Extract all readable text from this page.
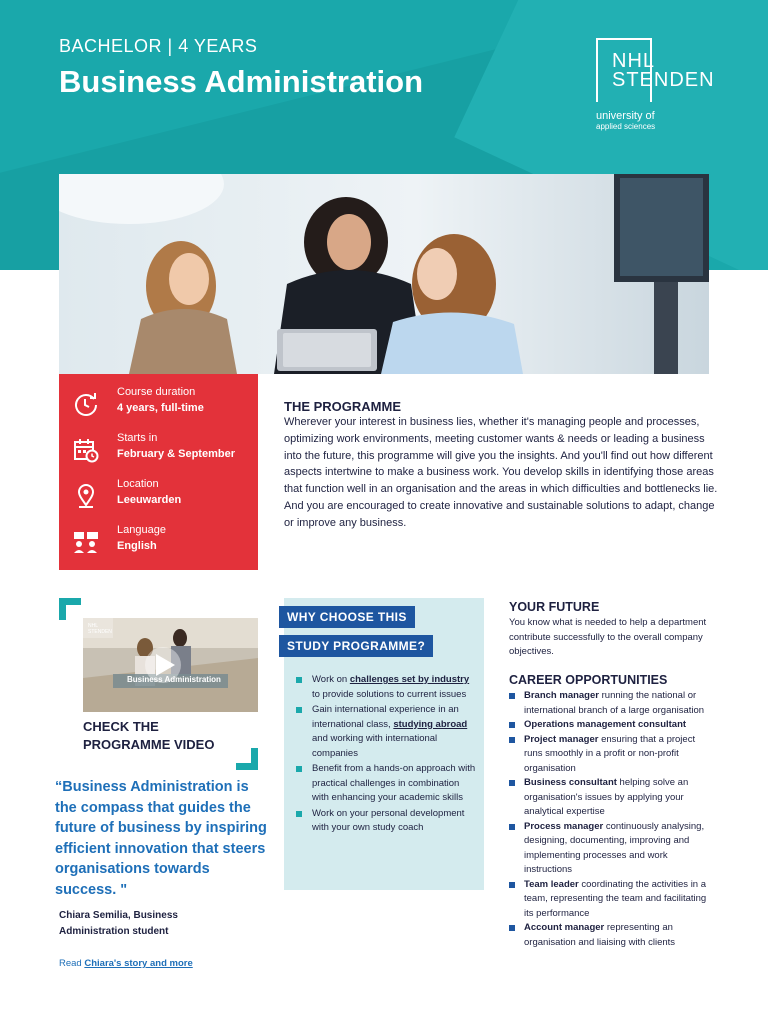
BACHELOR | 4 YEARS
Business Administration
NHL
STENDEN
university of
applied sciences
Course duration
4 years, full-time
Starts in
February & September
Location
Leeuwarden
Language
English
THE PROGRAMME

Wherever your interest in business lies, whether it's managing people and processes, optimizing work environments, meeting customer wants & needs or leading a business into the future, this programme will give you the insights. And you'll find out how different aspects intertwine to make a business work. You develop skills in identifying those areas that function well in an organisation and the areas in which difficulties and bottlenecks lie. And you are encouraged to create innovative and sustainable solutions to adapt, change or improve any business.

NHL
STENDEN
Business Administration
CHECK THE
PROGRAMME VIDEO
“Business Administration is the compass that guides the future of business by inspiring efficient innovation that steers organisations towards success. "
Chiara Semilia, Business
Administration student
Read Chiara's story and more
WHY CHOOSE THIS
STUDY PROGRAMME?
Work on challenges set by industry to provide solutions to current issues
Gain international experience in an international class, studying abroad and working with international companies
Benefit from a hands-on approach with practical challenges in combination with enhancing your academic skills
Work on your personal development with your own study coach
YOUR FUTURE

You know what is needed to help a department contribute successfully to the overall company objectives.

CAREER OPPORTUNITIES
Branch manager running the national or international branch of a large organisation
Operations management consultant
Project manager ensuring that a project runs smoothly in a profit or non-profit organisation
Business consultant helping solve an organisation's issues by applying your analytical expertise
Process manager continuously analysing, designing, documenting, improving and implementing processes and work instructions
Team leader coordinating the activities in a team, representing the team and facilitating its performance
Account manager representing an organisation and liaising with clients
